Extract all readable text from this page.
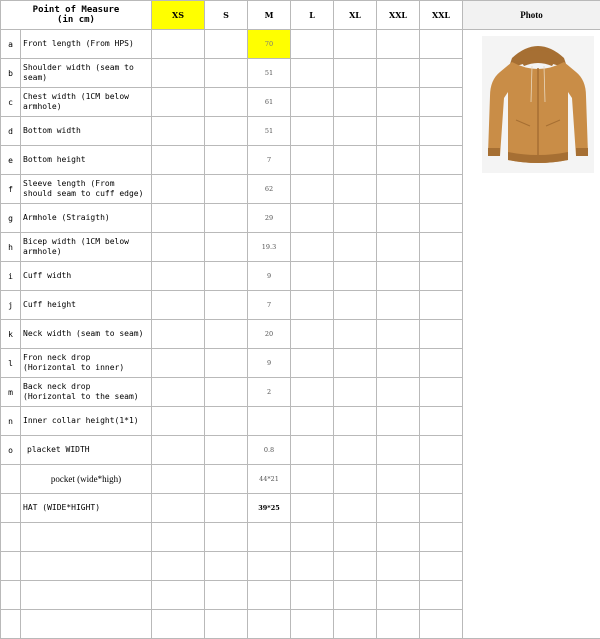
Point of Measure
(in cm)		XS	S	M	L	XL	XXL	XXL	Photo
a	Front length (From HPS)			70					

b	Shoulder width (seam to
seam)			51					
c	Chest width (1CM below
armhole)			61					
d	Bottom width			51					
e	Bottom height			7					
f	Sleeve length (From
should seam to cuff edge)			62					
g	Armhole (Straigth)			29					
h	Bicep width (1CM below
armhole)			19.3					
i	Cuff width			9					
j	Cuff height			7					
k	Neck width (seam to seam)			20					
l	Fron neck drop
(Horizontal to inner)			9					
m	Back neck drop
(Horizontal to the seam)			2					
n	Inner collar height(1*1)								
o	placket WIDTH			0.8					
	pocket (wide*high)			44*21					
	HAT (WIDE*HIGHT)			39*25					
